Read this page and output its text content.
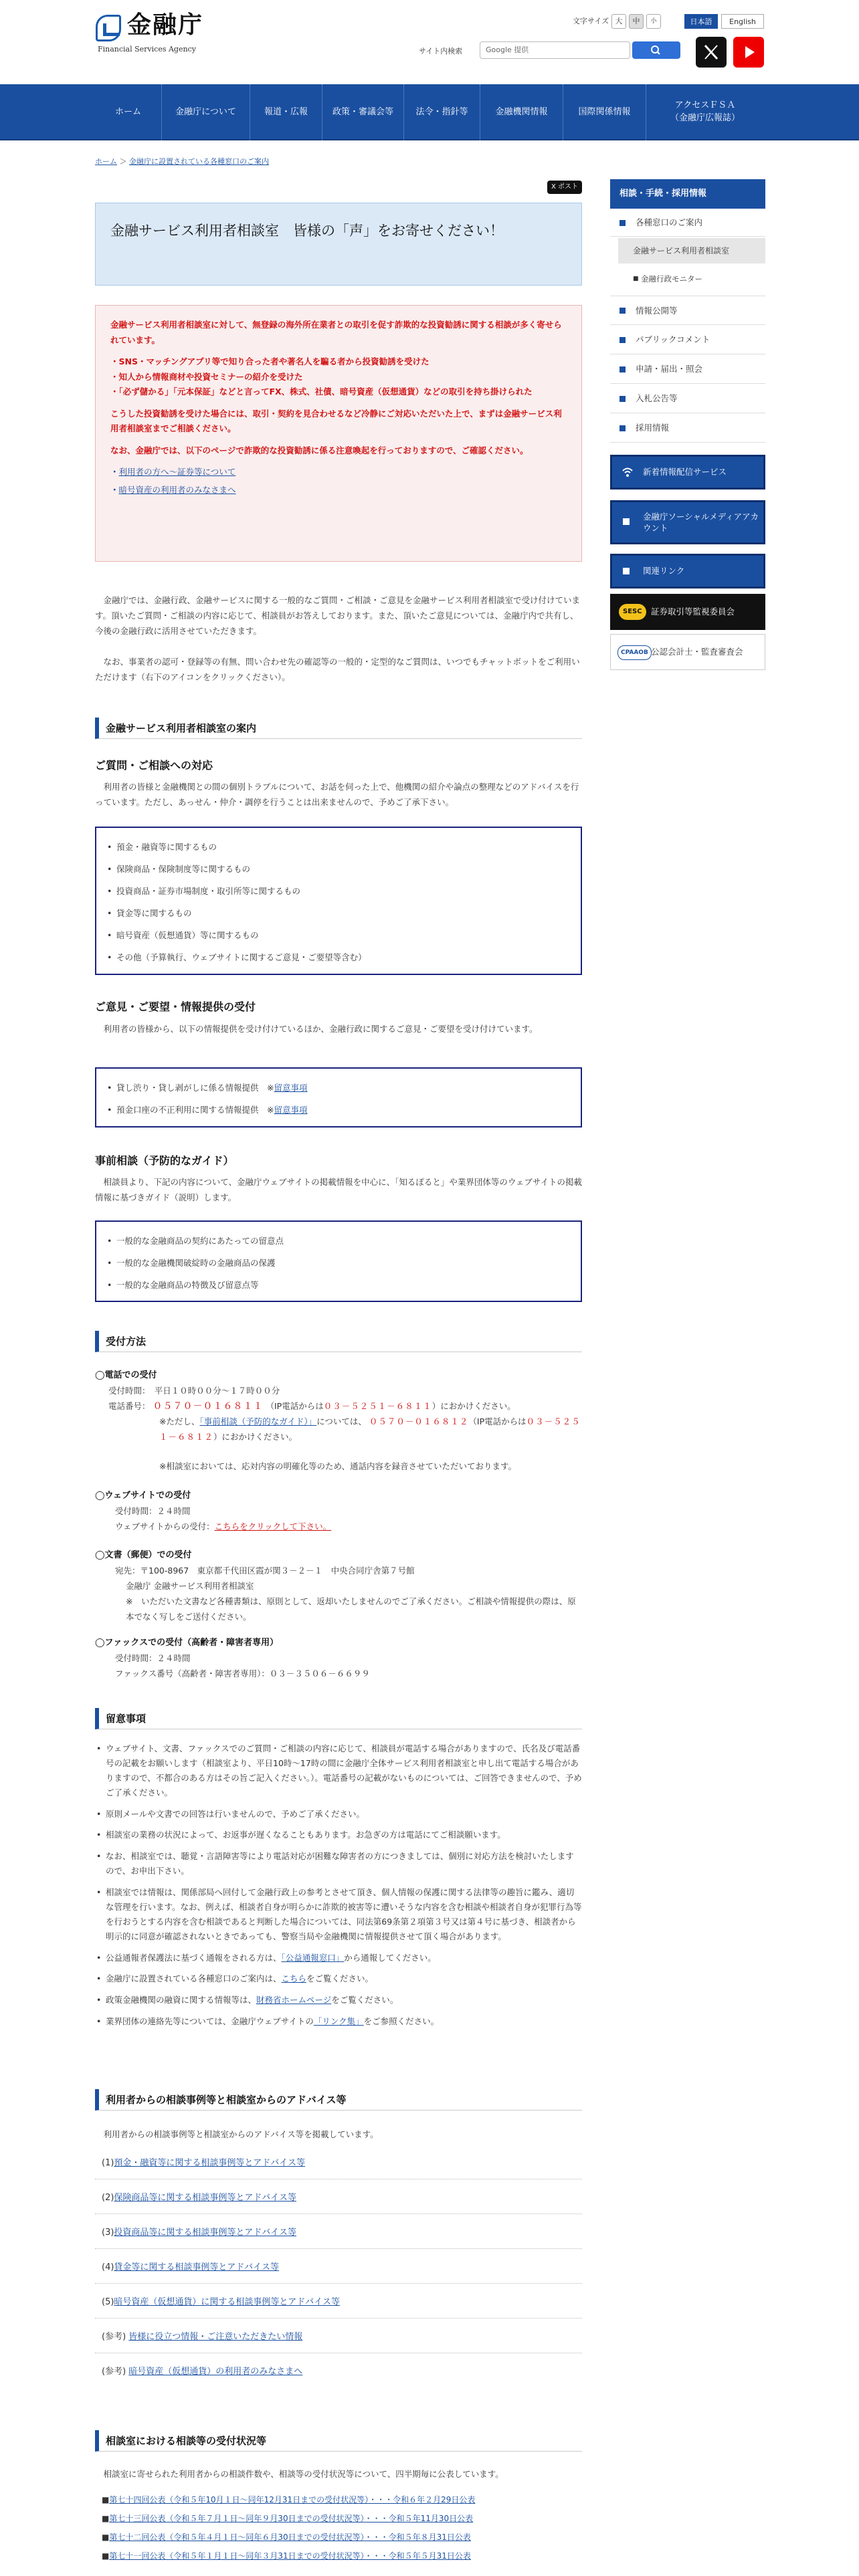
金融庁
Financial Services Agency
文字サイズ 大	中	小	日本語	English
サイト内検索	Google 提供
ホーム	金融庁について	報道・広報	政策・審議会等	法令・指針等	金融機関情報	国際関係情報
アクセスＦＳＡ
（金融庁広報誌）
ホーム ＞ 金融庁に設置されている各種窓口のご案内
X ポスト
金融サービス利用者相談室　皆様の「声」をお寄せください！

金融サービス利用者相談室に対して、無登録の海外所在業者との取引を促す詐欺的な投資勧誘に関する相談が多く寄せられています。

・SNS・マッチングアプリ等で知り合った者や著名人を騙る者から投資勧誘を受けた
・知人から情報商材や投資セミナーの紹介を受けた

・「必ず儲かる」「元本保証」などと言ってFX、株式、社債、暗号資産（仮想通貨）などの取引を持ち掛けられた

こうした投資勧誘を受けた場合には、取引・契約を見合わせるなど冷静にご対応いただいた上で、まずは金融サービス利用者相談室までご相談ください。

なお、金融庁では、以下のページで詐欺的な投資勧誘に係る注意喚起を行っておりますので、ご確認ください。

・利用者の方へ～証券等について
・暗号資産の利用者のみなさまへ
金融庁では、金融行政、金融サービスに関する一般的なご質問・ご相談・ご意見を金融サービス利用者相談室で受け付けています。頂いたご質問・ご相談の内容に応じて、相談員がお答えしております。また、頂いたご意見については、金融庁内で共有し、今後の金融行政に活用させていただきます。
なお、事業者の認可・登録等の有無、問い合わせ先の確認等の一般的・定型的なご質問は、いつでもチャットボットをご利用いただけます（右下のアイコンをクリックください）。
金融サービス利用者相談室の案内
ご質問・ご相談への対応
利用者の皆様と金融機関との間の個別トラブルについて、お話を伺った上で、他機関の紹介や論点の整理などのアドバイスを行っています。ただし、あっせん・仲介・調停を行うことは出来ませんので、予めご了承下さい。
• 預金・融資等に関するもの
• 保険商品・保険制度等に関するもの
• 投資商品・証券市場制度・取引所等に関するもの
• 貸金等に関するもの
• 暗号資産（仮想通貨）等に関するもの
• その他（予算執行、ウェブサイトに関するご意見・ご要望等含む）
ご意見・ご要望・情報提供の受付
利用者の皆様から、以下の情報提供を受け付けているほか、金融行政に関するご意見・ご要望を受け付けています。
• 貸し渋り・貸し剥がしに係る情報提供　 ※留意事項
• 預金口座の不正利用に関する情報提供　 ※留意事項
事前相談（予防的なガイド）
相談員より、下記の内容について、金融庁ウェブサイトの掲載情報を中心に、「知るぽると」や業界団体等のウェブサイトの掲載情報に基づきガイド（説明）します。
• 一般的な金融商品の契約にあたっての留意点
• 一般的な金融機関破綻時の金融商品の保護
• 一般的な金融商品の特徴及び留意点等
受付方法
◯電話での受付
受付時間：　平日１０時００分～１７時００分
電話番号： ０５７０－０１６８１１ （IP電話からは０３－５２５１－６８１１）におかけください。
※ただし、「事前相談（予防的なガイド）」については、 ０５７０－０１６８１２（IP電話からは０３－５２５１－６８１２）におかけください。
※相談室においては、応対内容の明確化等のため、通話内容を録音させていただいております。
◯ウェブサイトでの受付
受付時間：２４時間
ウェブサイトからの受付：こちらをクリックして下さい。
◯文書（郵便）での受付
宛先：〒100-8967　東京都千代田区霞が関３－２－１　中央合同庁舎第７号館
金融庁 金融サービス利用者相談室
※　いただいた文書など各種書類は、原則として、返却いたしませんのでご了承ください。ご相談や情報提供の際は、原本でなく写しをご送付ください。
◯ファックスでの受付（高齢者・障害者専用）
受付時間：２４時間
ファックス番号（高齢者・障害者専用）：０３－３５０６－６６９９
留意事項
• ウェブサイト、文書、ファックスでのご質問・ご相談の内容に応じて、相談員が電話する場合がありますので、氏名及び電話番号の記載をお願いします（相談室より、平日10時～17時の間に金融庁全体サービス利用者相談室と申し出て電話する場合がありますので、不都合のある方はその旨ご記入ください。）。電話番号の記載がないものについては、ご回答できませんので、予めご了承ください。
• 原則メールや文書での回答は行いませんので、予めご了承ください。
• 相談室の業務の状況によって、お返事が遅くなることもあります。お急ぎの方は電話にてご相談願います。
• なお、相談室では、聴覚・言語障害等により電話対応が困難な障害者の方につきましては、個別に対応方法を検討いたしますので、お申出下さい。
• 相談室では情報は、関係部局へ回付して金融行政上の参考とさせて頂き、個人情報の保護に関する法律等の趣旨に鑑み、適切な管理を行います。なお、例えば、相談者自身が明らかに詐欺的被害等に遭いそうな内容を含む相談や相談者自身が犯罪行為等を行おうとする内容を含む相談であると判断した場合については、同法第69条第２項第３号又は第４号に基づき、相談者から明示的に同意が確認されないときであっても、警察当局や金融機関に情報提供させて頂く場合があります。
• 公益通報者保護法に基づく通報をされる方は、「公益通報窓口」から通報してください。
• 金融庁に設置されている各種窓口のご案内は、こちらをご覧ください。
• 政策金融機関の融資に関する情報等は、財務省ホームページをご覧ください。
• 業界団体の連絡先等については、金融庁ウェブサイトの「リンク集」をご参照ください。
利用者からの相談事例等と相談室からのアドバイス等
利用者からの相談事例等と相談室からのアドバイス等を掲載しています。
(1)預金・融資等に関する相談事例等とアドバイス等
(2)保険商品等に関する相談事例等とアドバイス等
(3)投資商品等に関する相談事例等とアドバイス等
(4)貸金等に関する相談事例等とアドバイス等
(5)暗号資産（仮想通貨）に関する相談事例等とアドバイス等
(参考) 皆様に役立つ情報・ご注意いただきたい情報
(参考) 暗号資産（仮想通貨）の利用者のみなさまへ
相談室における相談等の受付状況等
相談室に寄せられた利用者からの相談件数や、相談等の受付状況等について、四半期毎に公表しています。
■第七十四回公表（令和５年10月１日～同年12月31日までの受付状況等）・・・令和６年２月29日公表
■第七十三回公表（令和５年７月１日～同年９月30日までの受付状況等）・・・令和５年11月30日公表
■第七十二回公表（令和５年４月１日～同年６月30日までの受付状況等）・・・令和５年８月31日公表
■第七十一回公表（令和５年１月１日～同年３月31日までの受付状況等）・・・令和５年５月31日公表
相談・手続・採用情報
各種窓口のご案内
金融サービス利用者相談室
■ 金融行政モニター
情報公開等
パブリックコメント
申請・届出・照会
入札公告等
採用情報
新着情報配信サービス
金融庁ソーシャルメディアアカウント
関連リンク
SESC	証券取引等監視委員会
CPAAOB 公認会計士・監査審査会
